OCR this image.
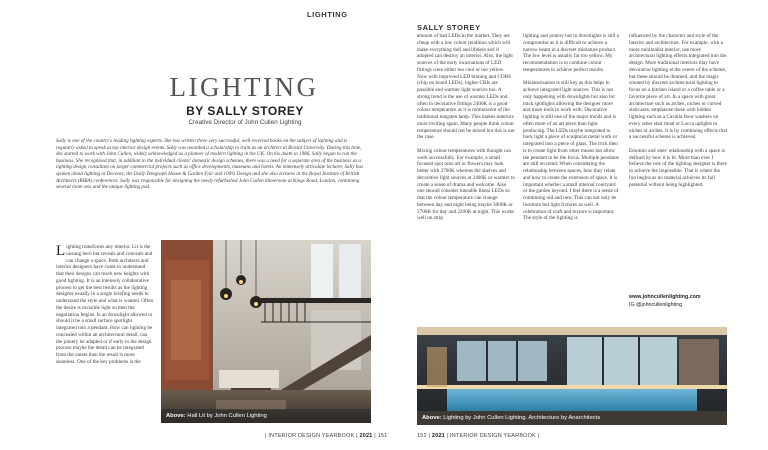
LIGHTING
LIGHTING
BY SALLY STOREY
Creative Director of John Cullen Lighting

Sally is one of the country's leading lighting experts. She has written three very successful, well received books on the subject of lighting and is regularly asked to speak at top interior design events. Sally was awarded a scholarship to train as an architect at Bristol University. During this time, she started to work with John Cullen, widely acknowledged as a pioneer of modern lighting in the UK. On his death in 1986, Sally began to run the business. She recognised that, in addition to the individual clients' domestic design schemes, there was a need for a separate area of the business as a lighting design consultant on larger commercial projects such as office developments, museums and hotels. An immensely articulate lecturer, Sally has spoken about lighting at Decorex, the Daily Telegraph House & Garden Fair and 100% Design and she also lectures at the Royal Institute of British Architects (RIBA) conferences. Sally was responsible for designing the newly refurbished John Cullen Showroom at Kings Road, London, containing several room sets and the unique lighting pod.

Lighting transforms any interior. Lit is the unsung hero but reveals and conceals and can change a space. Both architects and interior designers have come to understand that their designs can reach new heights with good lighting. It is an intensely collaborative process to get the best results as the lighting designer usually in a single briefing needs to understand the style and what is wanted. Often the desire is invisible light so then the negotiation begins. Is an downlight allowed or should it be a small surface spotlight integrated into a pendant. How can lighting be concealed within an architectural detail, can the joinery be adapted or if early in the design process maybe the detail can be integrated from the outset then the result is more seamless. One of the key problems is the

Above: Hall Lit by John Cullen Lighting
| INTERIOR DESIGN YEARBOOK | 2021 | 151
SALLY STOREY

amount of bad LEDs in the market. They are cheap with a low colour rendition which will make everything dull and lifeless and if adopted can destroy an interior. Also, the light sources of the early incarnations of LED fittings were either too cool or too yellow. Now with improved LED binning and COBS (chip on board LEDs), higher CRIs are possible and warmer light sources too. A strong trend is the use of warmer LEDs and often in decorative fittings 2400K is a good colour temperature as it is reminiscent of the traditional tungsten lamp. This makes interiors more inviting again. Many people think colour temperature should not be mixed but this is not the case.

Mixing colour temperatures with thought can work successfully. For example, a small focused spot onto art or flowers may look better with 2700K whereas the shelves and decorative light sources at 2400K or warmer to create a sense of drama and welcome. Also one should consider tuneable linear LEDs so that the colour temperature can change between day and night being maybe 3000K or 2700K for day and 2200K at night. This works well on strip

lighting and joinery but in downlights is still a compromise as it is difficult to achieve a narrow beam in a discreet miniature product. The low level is usually far too yellow. My recommendation is to combine colour temperatures to achieve perfect results.

Miniaturisation is still key as this helps to achieve integrated light sources. This is not only happening with downlights but also for track spotlights allowing the designer more and more tools to work with. Decorative lighting is still one of the major trends and is often more of an art piece than light producing. The LEDs maybe integrated to back light a piece of sculptural metal work or integrated into a piece of glass. The trick then is to create light from other means but allow the pendant to be the focus. Multiple pendants are still on trend. When considering the relationship between spaces, how they relate and how to create the extension of space, it is important whether a small internal courtyard or the garden beyond. I feel there is a sense of combining old and new. This can not only be furniture but light fixtures as well. A celebration of craft and texture is important. The style of the lighting is

influenced by the character and style of the interior and architecture. For example, with a more minimalist interior, use more architectural lighting effects integrated into the design. More traditional interiors may have decorative lighting at the centre of the scheme, but these should be dimmed, and the magic created by discreet architectural lighting to focus on a kitchen island or a coffee table or a favorite piece of art. In a space with great architecture such as arches, niches or curved staircases, emphasise these with hidden lighting such as a Cavalla floor washers on every other stair tread or Lucca uplights to niches or arches. It is by combining effects that a successful scheme is achieved.

Emotion and ones' relationship with a space is defined by how it is lit. More than ever I believe the role of the lighting designer is there to achieve the impossible. That is where the fun begins as no material achieves its full potential without being highlighted.

www.johncullenlighting.com
IG @johncullenlighting
Above: Lighting by John Cullen Lighting. Architecture by Anarchitects
152 | 2021 | INTERIOR DESIGN YEARBOOK |
